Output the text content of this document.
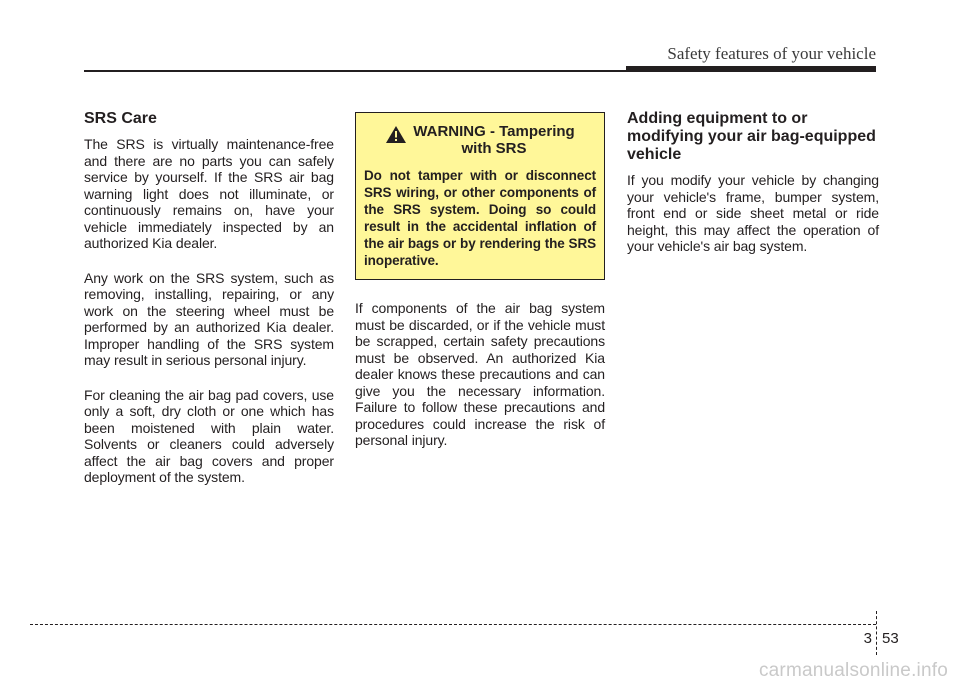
Safety features of your vehicle
SRS Care

The SRS is virtually maintenance-free and there are no parts you can safely service by yourself. If the SRS air bag warning light does not illuminate, or continuously remains on, have your vehicle immediately inspected by an authorized Kia dealer.

Any work on the SRS system, such as removing, installing, repairing, or any work on the steering wheel must be performed by an authorized Kia dealer. Improper handling of the SRS system may result in serious personal injury.

For cleaning the air bag pad covers, use only a soft, dry cloth or one which has been moistened with plain water. Solvents or cleaners could adversely affect the air bag covers and proper deployment of the system.

WARNING - Tampering
with SRS

Do not tamper with or disconnect SRS wiring, or other components of the SRS system. Doing so could result in the accidental inflation of the air bags or by rendering the SRS inoperative.

If components of the air bag system must be discarded, or if the vehicle must be scrapped, certain safety precautions must be observed. An authorized Kia dealer knows these precautions and can give you the necessary information. Failure to follow these precautions and procedures could increase the risk of personal injury.

Adding equipment to or modifying your air bag-equipped vehicle

If you modify your vehicle by changing your vehicle's frame, bumper system, front end or side sheet metal or ride height, this may affect the operation of your vehicle's air bag system.

3 53
carmanualsonline.info
